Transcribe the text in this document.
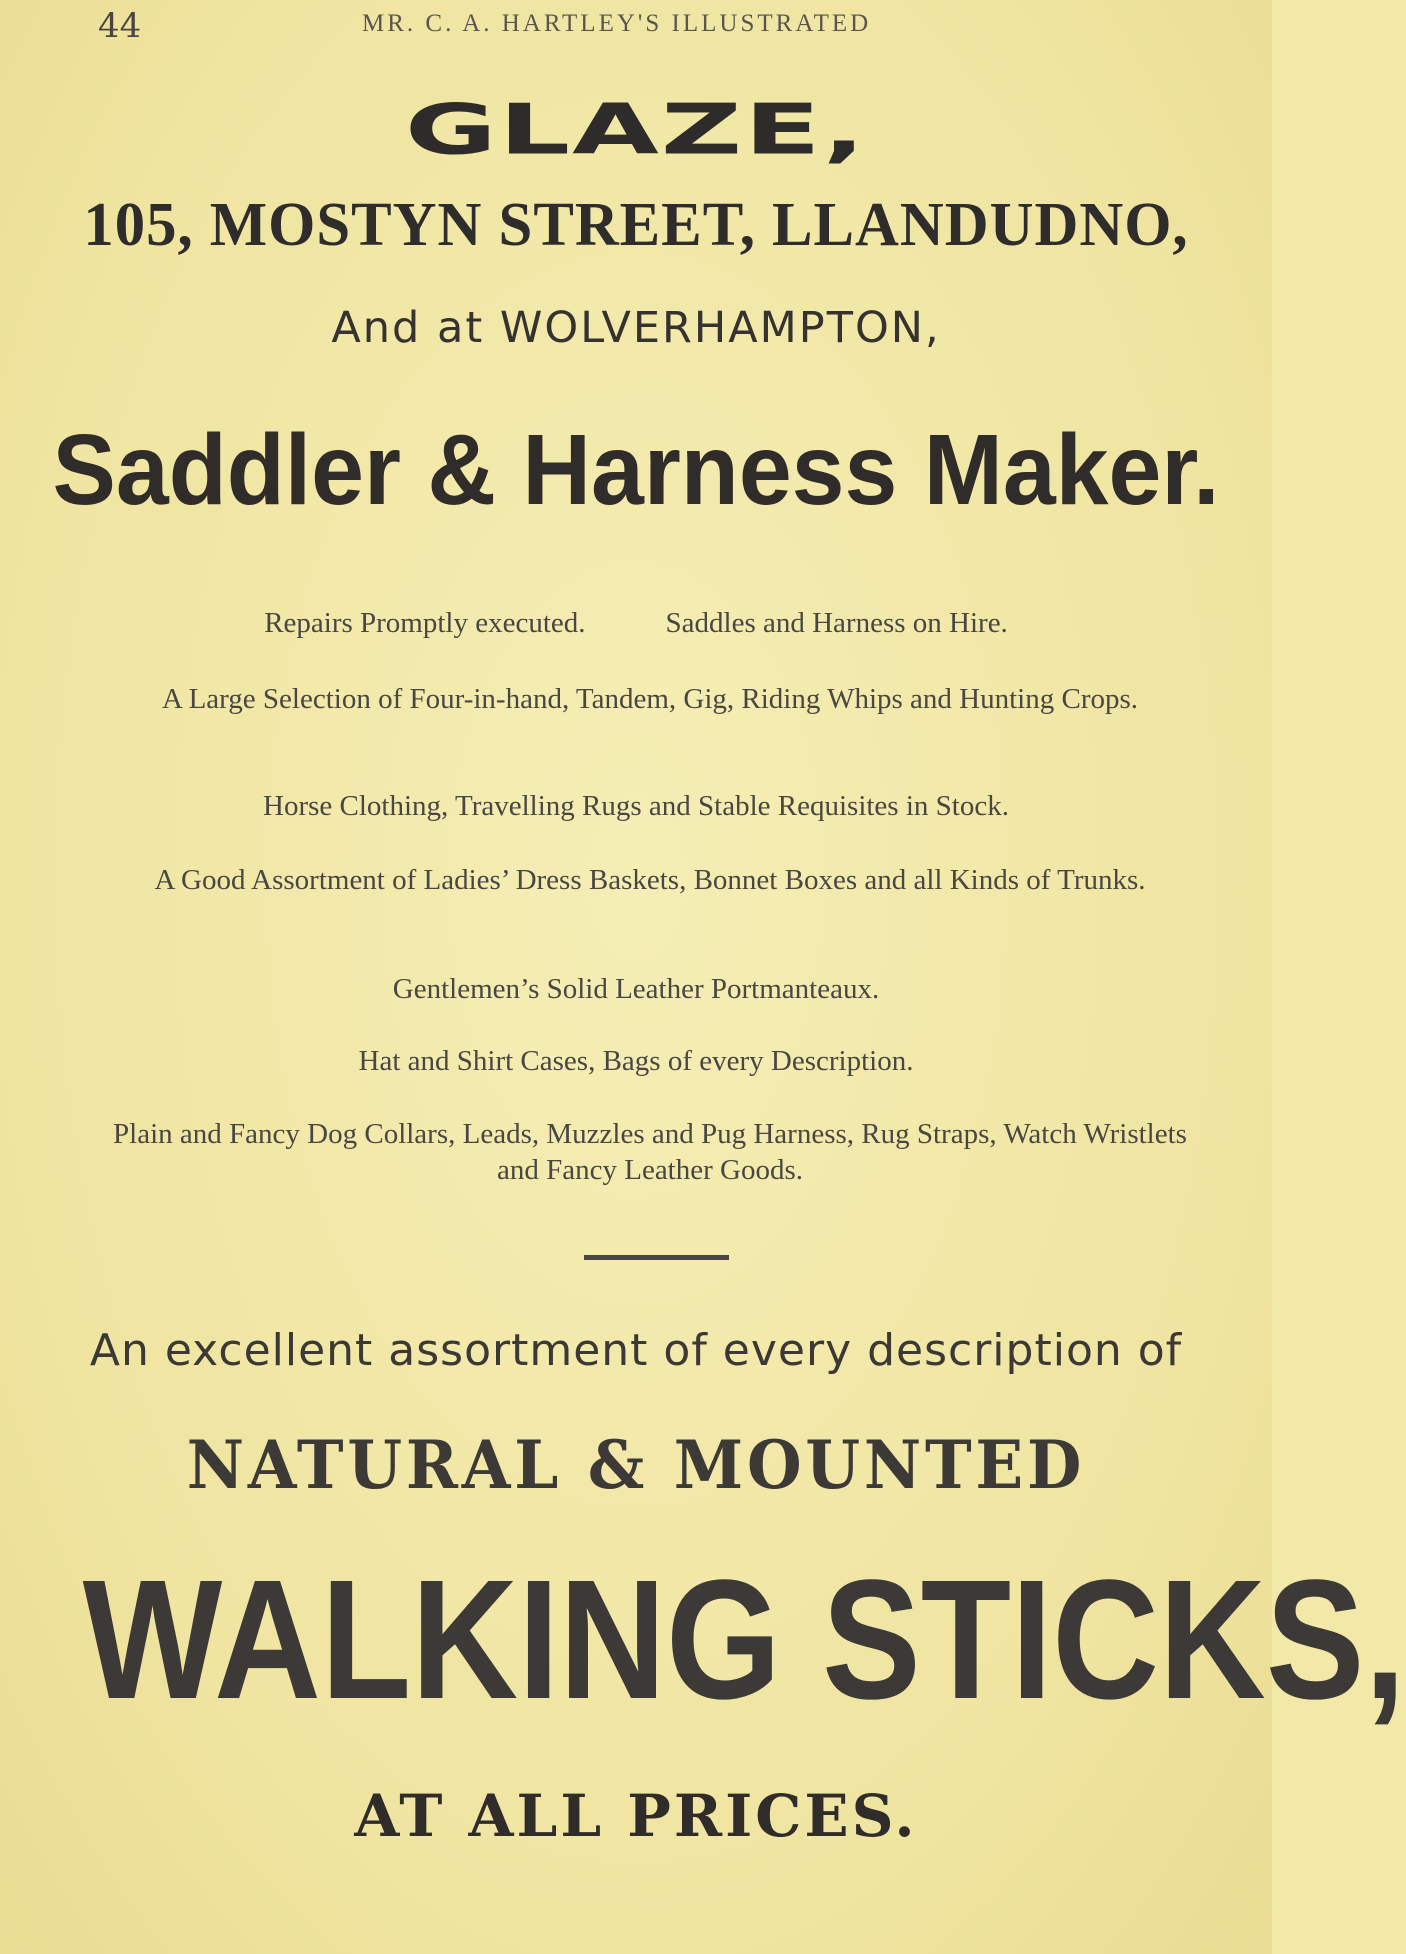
44	MR. C. A. HARTLEY'S ILLUSTRATED
GLAZE,
105, MOSTYN STREET, LLANDUDNO,
And at WOLVERHAMPTON,
Saddler & Harness Maker.
Repairs Promptly executed.	Saddles and Harness on Hire.
A Large Selection of Four-in-hand, Tandem, Gig, Riding Whips and Hunting Crops.
Horse Clothing, Travelling Rugs and Stable Requisites in Stock.
A Good Assortment of Ladies’ Dress Baskets, Bonnet Boxes and all Kinds of Trunks.
Gentlemen’s Solid Leather Portmanteaux.
Hat and Shirt Cases, Bags of every Description.
Plain and Fancy Dog Collars, Leads, Muzzles and Pug Harness, Rug Straps, Watch Wristlets and Fancy Leather Goods.
An excellent assortment of every description of
NATURAL & MOUNTED
WALKING STICKS,
AT ALL PRICES.
